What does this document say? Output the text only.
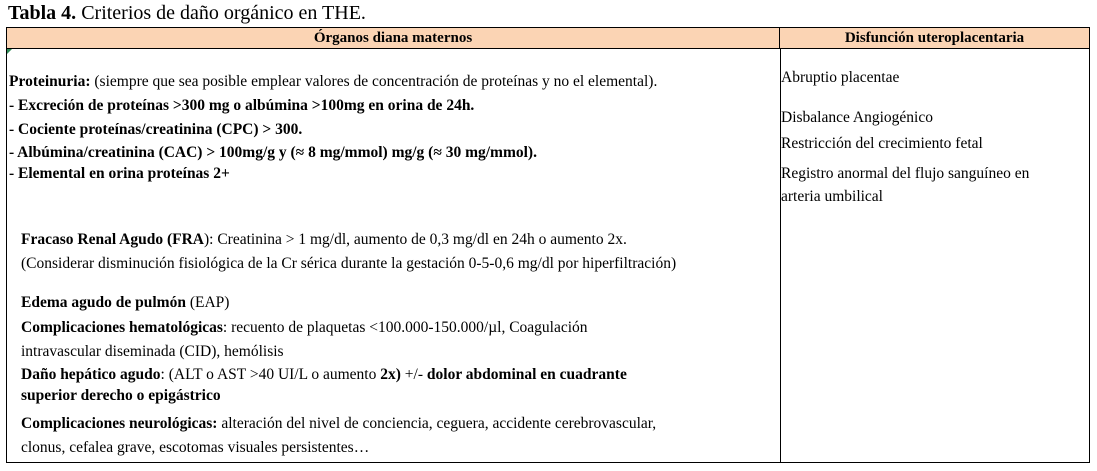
Tabla 4. Criterios de daño orgánico en THE.
Órganos diana maternos	Disfunción uteroplacentaria
Proteinuria: (siempre que sea posible emplear valores de concentración de proteínas y no el elemental).
- Excreción de proteínas >300 mg o albúmina >100mg en orina de 24h.
- Cociente proteínas/creatinina (CPC) > 300.
- Albúmina/creatinina (CAC) > 100mg/g y (≈ 8 mg/mmol) mg/g (≈ 30 mg/mmol).
- Elemental en orina proteínas 2+
Fracaso Renal Agudo (FRA): Creatinina > 1 mg/dl, aumento de 0,3 mg/dl en 24h o aumento 2x.
(Considerar disminución fisiológica de la Cr sérica durante la gestación 0-5-0,6 mg/dl por hiperfiltración)
Edema agudo de pulmón (EAP)
Complicaciones hematológicas: recuento de plaquetas <100.000-150.000/µl, Coagulación
intravascular diseminada (CID), hemólisis
Daño hepático agudo: (ALT o AST >40 UI/L o aumento 2x) +/- dolor abdominal en cuadrante
superior derecho o epigástrico
Complicaciones neurológicas: alteración del nivel de conciencia, ceguera, accidente cerebrovascular,
clonus, cefalea grave, escotomas visuales persistentes…
Abruptio placentae
Disbalance Angiogénico
Restricción del crecimiento fetal
Registro anormal del flujo sanguíneo en
arteria umbilical
